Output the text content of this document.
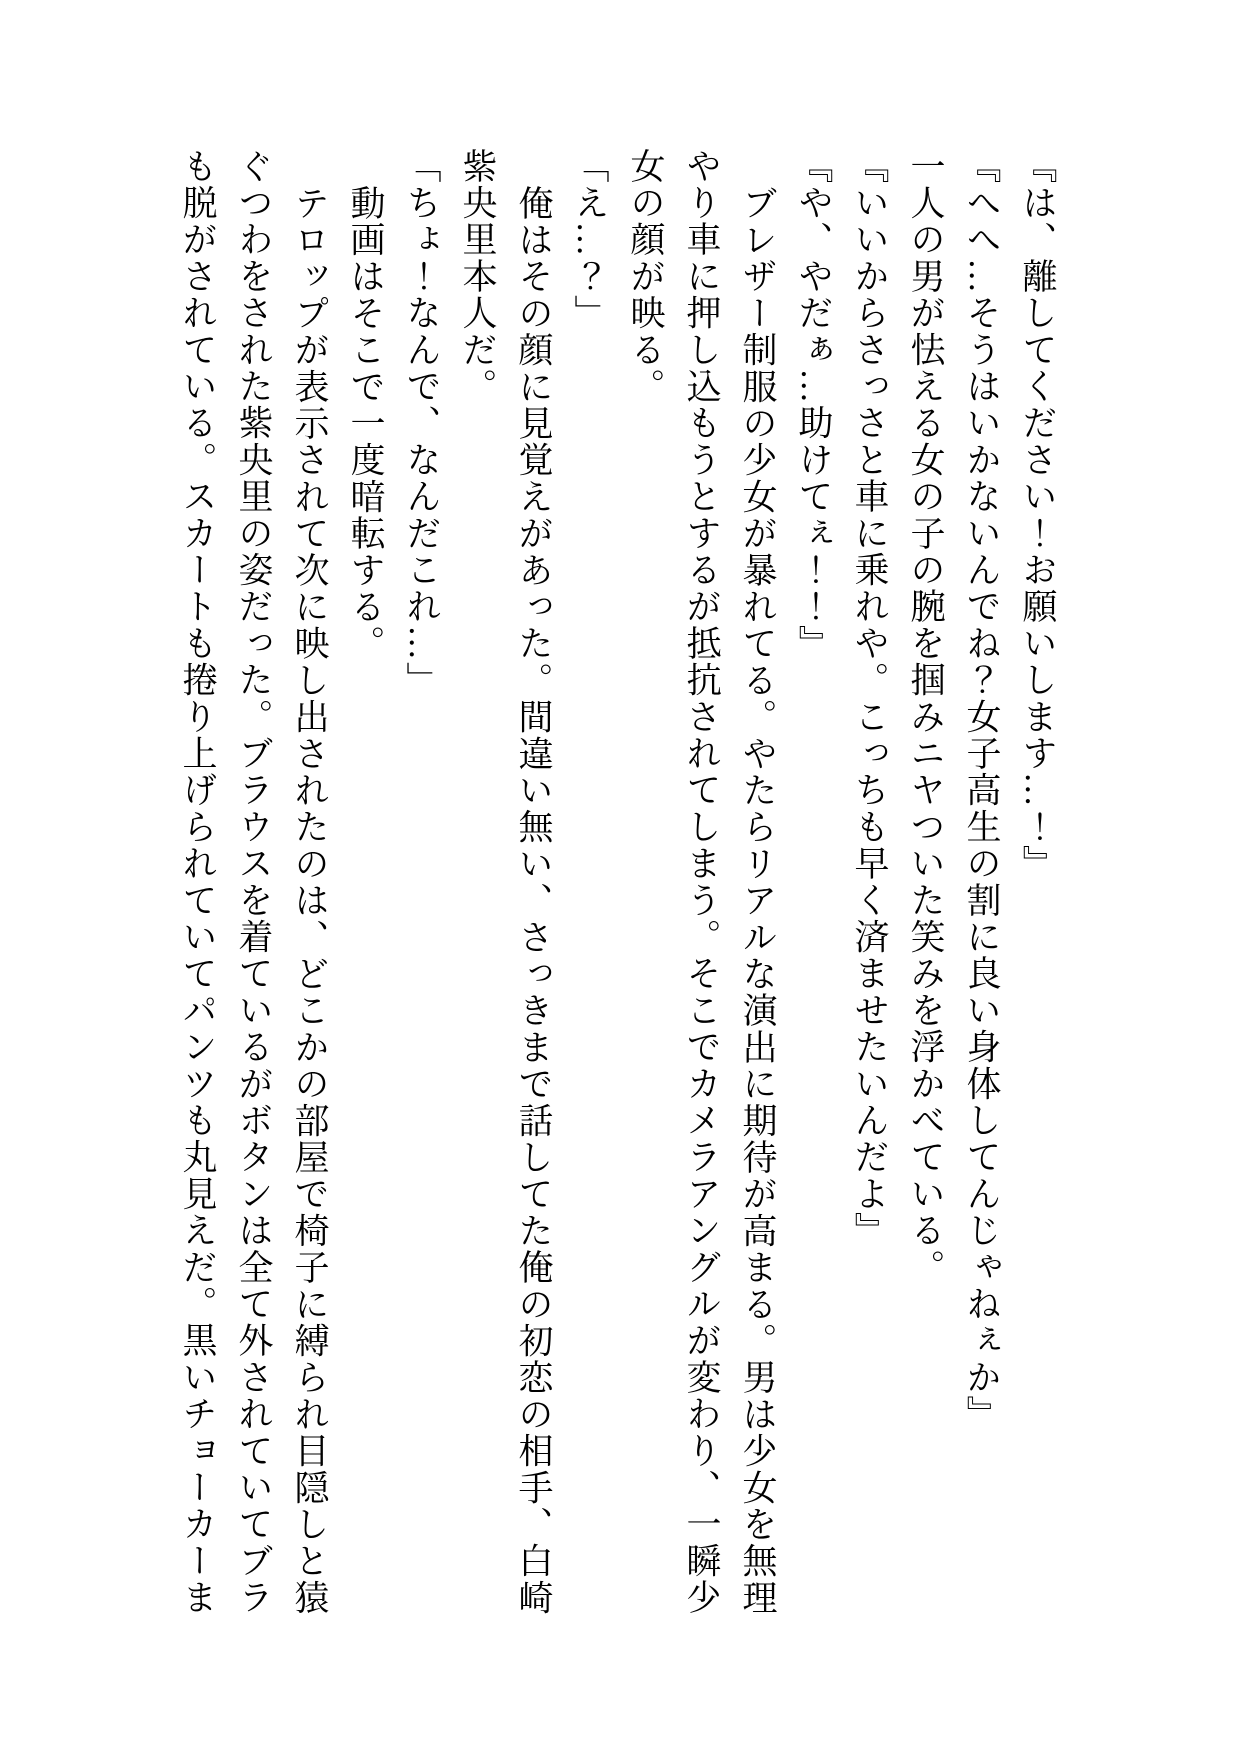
『は、離してください！お願いします…！』

『へへ…そうはいかないんでね？女子高生の割に良い身体してんじゃねぇか』

一人の男が怯える女の子の腕を掴みニヤついた笑みを浮かべている。

『いいからさっさと車に乗れや。こっちも早く済ませたいんだよ』

『や、やだぁ…助けてぇ！！』

ブレザー制服の少女が暴れてる。やたらリアルな演出に期待が高まる。男は少女を無理

やり車に押し込もうとするが抵抗されてしまう。そこでカメラアングルが変わり、一瞬少

女の顔が映る。

「え…？」

俺はその顔に見覚えがあった。間違い無い、さっきまで話してた俺の初恋の相手、白崎

紫央里本人だ。

「ちょ！なんで、なんだこれ…」

動画はそこで一度暗転する。

テロップが表示されて次に映し出されたのは、どこかの部屋で椅子に縛られ目隠しと猿

ぐつわをされた紫央里の姿だった。ブラウスを着ているがボタンは全て外されていてブラ

も脱がされている。スカートも捲り上げられていてパンツも丸見えだ。黒いチョーカーま
